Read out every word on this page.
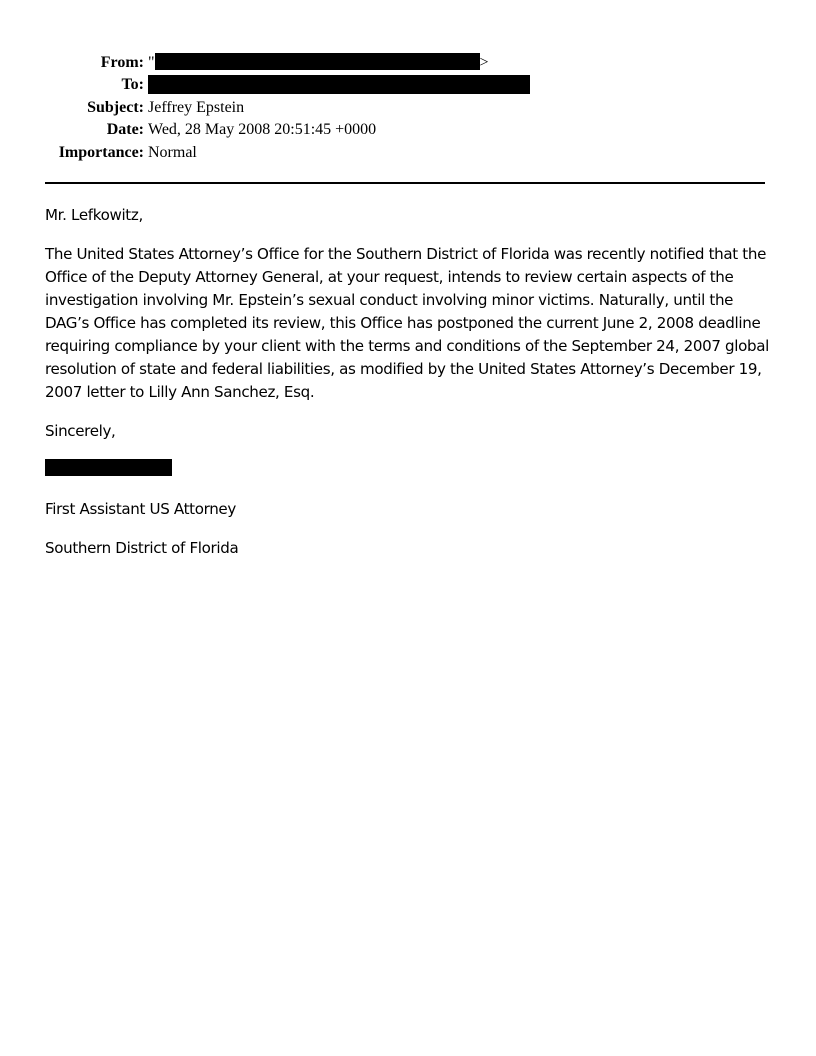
From: "	>
To:
Subject: Jeffrey Epstein
Date: Wed, 28 May 2008 20:51:45 +0000
Importance: Normal

Mr. Lefkowitz,

The United States Attorney’s Office for the Southern District of Florida was recently notified that the Office of the Deputy Attorney General, at your request, intends to review certain aspects of the investigation involving Mr. Epstein’s sexual conduct involving minor victims. Naturally, until the DAG’s Office has completed its review, this Office has postponed the current June 2, 2008 deadline requiring compliance by your client with the terms and conditions of the September 24, 2007 global resolution of state and federal liabilities, as modified by the United States Attorney’s December 19, 2007 letter to Lilly Ann Sanchez, Esq.

Sincerely,

First Assistant US Attorney

Southern District of Florida
